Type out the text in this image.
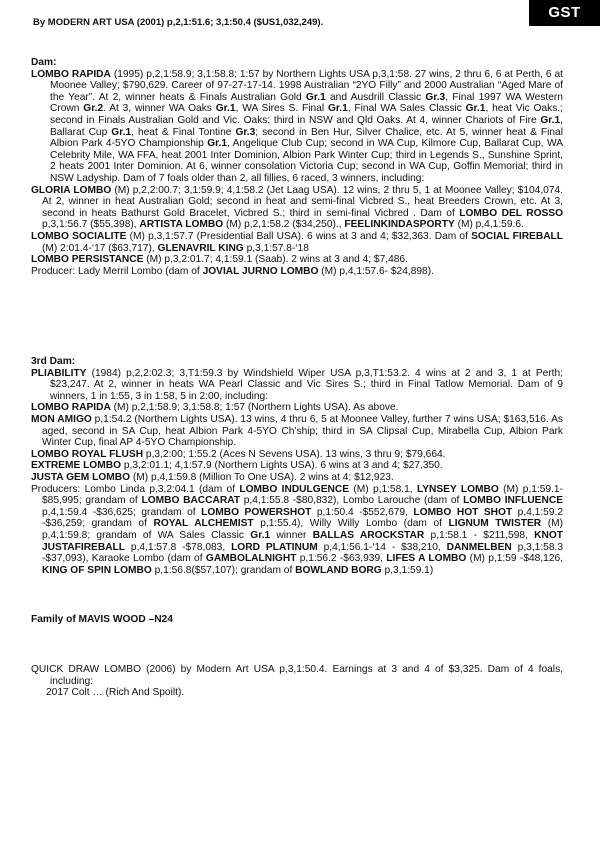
GST
By MODERN ART USA (2001) p,2,1:51.6; 3,1:50.4 ($US1,032,249).
Dam:

LOMBO RAPIDA (1995) p,2,1:58.9; 3,1:58.8; 1:57 by Northern Lights USA p,3,1:58. 27 wins, 2 thru 6, 6 at Perth, 6 at Moonee Valley; $790,629. Career of 97-27-17-14. 1998 Australian “2YO Filly” and 2000 Australian “Aged Mare of the Year”. At 2, winner heats & Finals Australian Gold Gr.1 and Ausdrill Classic Gr.3, Final 1997 WA Western Crown Gr.2. At 3, winner WA Oaks Gr.1, WA Sires S. Final Gr.1, Final WA Sales Classic Gr.1, heat Vic Oaks.; second in Finals Australian Gold and Vic. Oaks; third in NSW and Qld Oaks. At 4, winner Chariots of Fire Gr.1, Ballarat Cup Gr.1, heat & Final Tontine Gr.3; second in Ben Hur, Silver Chalice, etc. At 5, winner heat & Final Albion Park 4-5YO Championship Gr.1, Angelique Club Cup; second in WA Cup, Kilmore Cup, Ballarat Cup, WA Celebrity Mile, WA FFA, heat 2001 Inter Dominion, Albion Park Winter Cup; third in Legends S., Sunshine Sprint, 2 heats 2001 Inter Dominion. At 6, winner consolation Victoria Cup; second in WA Cup, Goffin Memorial; third in NSW Ladyship. Dam of 7 foals older than 2, all fillies, 6 raced, 3 winners, including:

GLORIA LOMBO (M) p,2,2:00.7; 3,1:59.9; 4,1:58.2 (Jet Laag USA). 12 wins, 2 thru 5, 1 at Moonee Valley; $104,074. At 2, winner in heat Australian Gold; second in heat and semi-final Vicbred S., heat Breeders Crown, etc. At 3, second in heats Bathurst Gold Bracelet, Vicbred S.; third in semi-final Vicbred . Dam of LOMBO DEL ROSSO p,3,1:56.7 ($55,398), ARTISTA LOMBO (M) p,2,1:58.2 ($34,250)., FEELINKINDASPORTY (M) p,4,1:59.6.

LOMBO SOCIALITE (M) p,3,1:57.7 (Presidential Ball USA). 6 wins at 3 and 4; $32,363. Dam of SOCIAL FIREBALL (M) 2:01.4-‘17 ($63,717), GLENAVRIL KING p,3,1:57.8-‘18

LOMBO PERSISTANCE (M) p,3,2:01.7; 4,1:59.1 (Saab). 2 wins at 3 and 4; $7,486.

Producer: Lady Merril Lombo (dam of JOVIAL JURNO LOMBO (M) p,4,1:57.6- $24,898).

3rd Dam:

PLIABILITY (1984) p,2,2:02.3; 3,T1:59.3 by Windshield Wiper USA p,3,T1:53.2. 4 wins at 2 and 3, 1 at Perth; $23,247. At 2, winner in heats WA Pearl Classic and Vic Sires S.; third in Final Tatlow Memorial. Dam of 9 winners, 1 in 1:55, 3 in 1:58, 5 in 2:00, including:

LOMBO RAPIDA (M) p,2,1:58.9; 3,1:58.8; 1:57 (Northern Lights USA). As above.

MON AMIGO p,1:54.2 (Northern Lights USA). 13 wins, 4 thru 6, 5 at Moonee Valley, further 7 wins USA; $163,516. As aged, second in SA Cup, heat Albion Park 4-5YO Ch’ship; third in SA Clipsal Cup, Mirabella Cup, Albion Park Winter Cup, final AP 4-5YO Championship.

LOMBO ROYAL FLUSH p,3,2:00; 1:55.2 (Aces N Sevens USA). 13 wins, 3 thru 9; $79,664.

EXTREME LOMBO p,3,2:01.1; 4,1:57.9 (Northern Lights USA). 6 wins at 3 and 4; $27,350.

JUSTA GEM LOMBO (M) p,4,1:59.8 (Million To One USA). 2 wins at 4; $12,923.

Producers: Lombo Linda p,3,2:04.1 (dam of LOMBO INDULGENCE (M) p,1:58.1, LYNSEY LOMBO (M) p,1:59.1- $85,995; grandam of LOMBO BACCARAT p,4,1:55.8 -$80,832), Lombo Larouche (dam of LOMBO INFLUENCE p,4,1:59.4 -$36,625; grandam of LOMBO POWERSHOT p,1:50.4 -$552,679, LOMBO HOT SHOT p,4,1:59.2 -$36,259; grandam of ROYAL ALCHEMIST p,1:55.4), Willy Willy Lombo (dam of LIGNUM TWISTER (M) p,4,1:59.8; grandam of WA Sales Classic Gr.1 winner BALLAS AROCKSTAR p,1:58.1 - $211,598, KNOT JUSTAFIREBALL p,4,1:57.8 -$78,083, LORD PLATINUM p,4,1:56.1-‘14 - $38,210, DANMELBEN p,3,1:58.3 -$37,093), Karaoke Lombo (dam of GAMBOLALNIGHT p,1:56.2 -$63,939, LIFES A LOMBO (M) p,1:59 -$48,126, KING OF SPIN LOMBO p,1:56.8($57,107); grandam of BOWLAND BORG p,3,1:59.1)

Family of MAVIS WOOD –N24

QUICK DRAW LOMBO (2006) by Modern Art USA p,3,1:50.4. Earnings at 3 and 4 of $3,325. Dam of 4 foals, including:

2017 Colt … (Rich And Spoilt).
